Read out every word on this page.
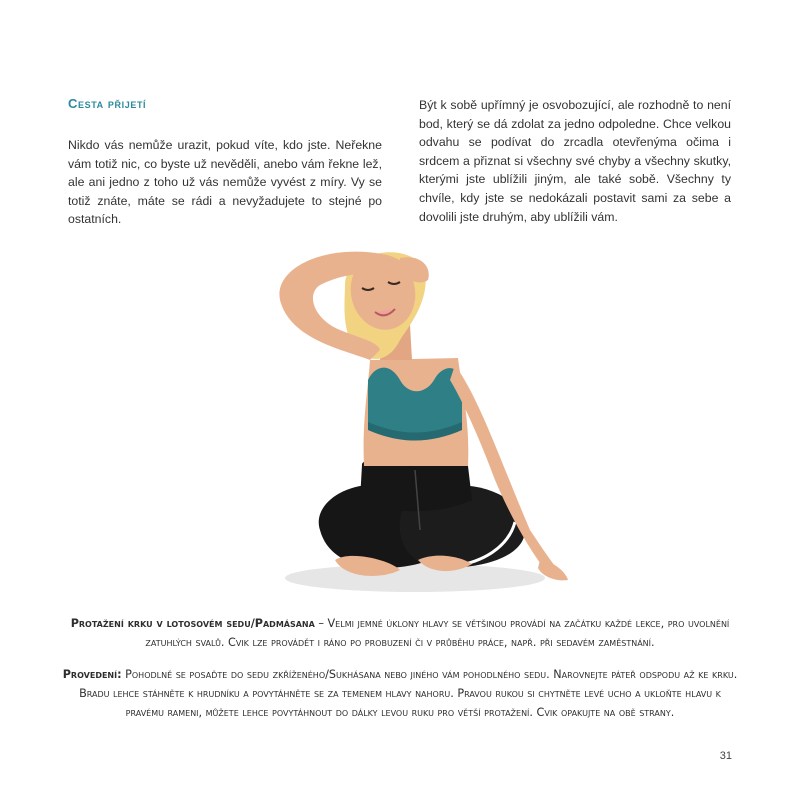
Cesta přijetí

Nikdo vás nemůže urazit, pokud víte, kdo jste. Neřekne vám totiž nic, co byste už nevěděli, anebo vám řekne lež, ale ani jedno z toho už vás nemůže vyvést z míry. Vy se totiž znáte, máte se rádi a nevyžadujete to stejné po ostatních.

Být k sobě upřímný je osvobozující, ale rozhodně to není bod, který se dá zdolat za jedno odpoledne. Chce velkou odvahu se podívat do zrcadla otevřenýma očima i srdcem a přiznat si všechny své chyby a všechny skutky, kterými jste ublížili jiným, ale také sobě. Všechny ty chvíle, kdy jste se nedokázali postavit sami za sebe a dovolili jste druhým, aby ublížili vám.

Protažení krku v lotosovém sedu/Padmásana – Velmi jemné úklony hlavy se většinou provádí na začátku každé lekce, pro uvolnění zatuhlých svalů. Cvik lze provádět i ráno po probuzení či v průběhu práce, např. při sedavém zaměstnání.
Provedení: Pohodlně se posaďte do sedu zkříženého/Sukhásana nebo jiného vám pohodlného sedu. Narovnejte páteř odspodu až ke krku. Bradu lehce stáhněte k hrudníku a povytáhněte se za temenem hlavy nahoru. Pravou rukou si chytněte levé ucho a ukloňte hlavu k pravému rameni, můžete lehce povytáhnout do dálky levou ruku pro větší protažení. Cvik opakujte na obě strany.
31
